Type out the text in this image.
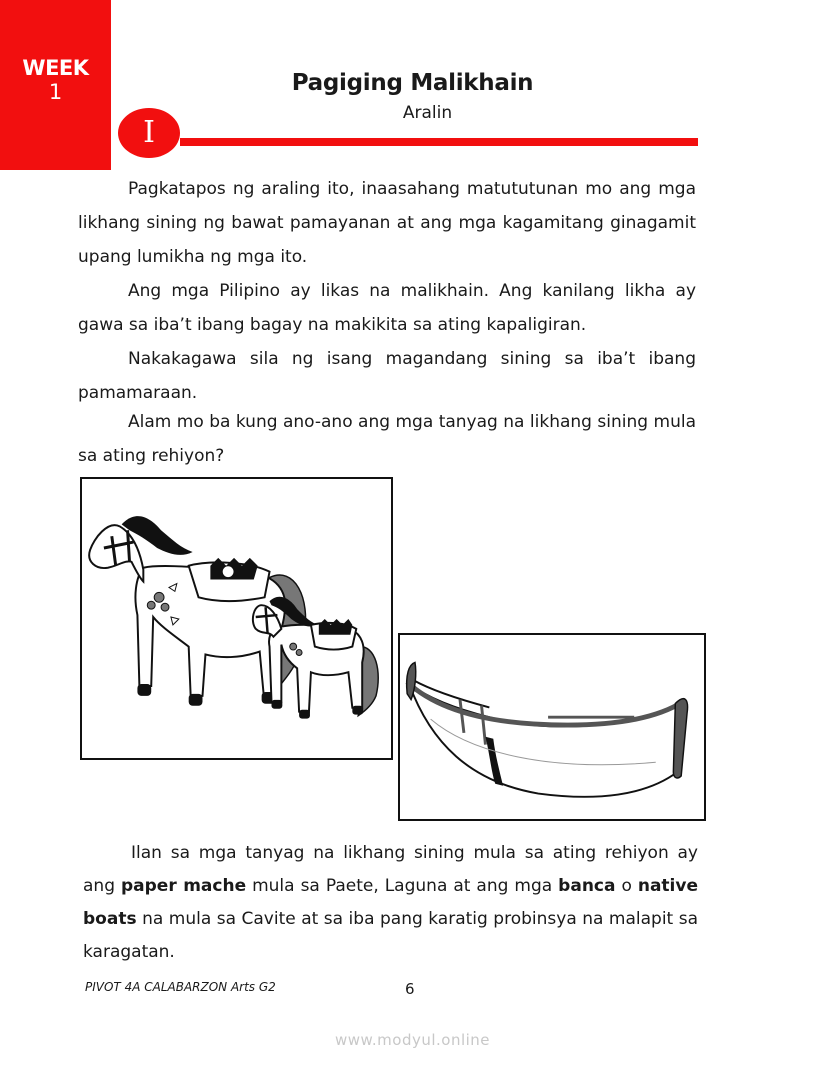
WEEK
1	Pagiging Malikhain
Aralin
I

Pagkatapos ng araling ito, inaasahang matututunan mo ang mga likhang sining ng bawat pamayanan at ang mga kagamitang ginagamit upang lumikha ng mga ito.

Ang mga Pilipino ay likas na malikhain. Ang kanilang likha ay gawa sa iba’t ibang bagay na makikita sa ating kapaligiran.

Nakakagawa sila ng isang magandang sining sa iba’t ibang pamamaraan.

Alam mo ba kung ano-ano ang mga tanyag na likhang sining mula sa ating rehiyon?

Ilan sa mga tanyag na likhang sining mula sa ating rehiyon ay ang paper mache mula sa Paete, Laguna at ang mga banca o native boats na mula sa Cavite at sa iba pang karatig probinsya na malapit sa karagatan.

PIVOT 4A CALABARZON Arts G2	6
www.modyul.online
